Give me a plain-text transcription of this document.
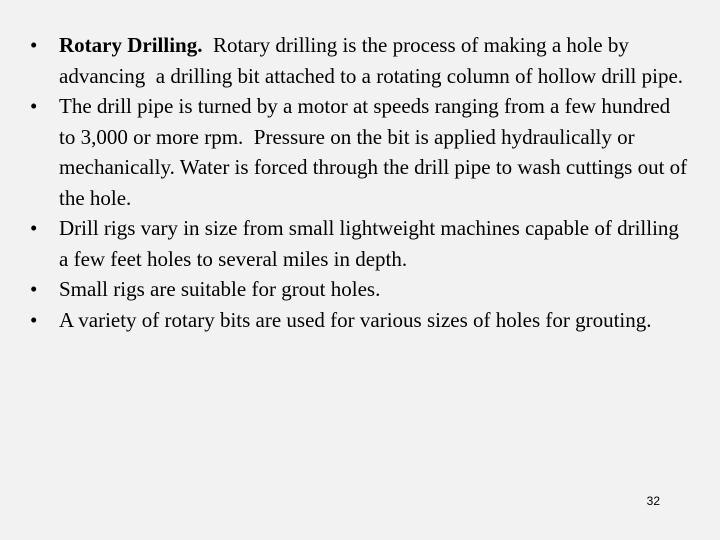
•	Rotary Drilling.  Rotary drilling is the process of making a hole by advancing  a drilling bit attached to a rotating column of hollow drill pipe.
•	The drill pipe is turned by a motor at speeds ranging from a few hundred to 3,000 or more rpm.  Pressure on the bit is applied hydraulically or mechanically. Water is forced through the drill pipe to wash cuttings out of the hole.
•	Drill rigs vary in size from small lightweight machines capable of drilling a few feet holes to several miles in depth.
•	Small rigs are suitable for grout holes.
•	A variety of rotary bits are used for various sizes of holes for grouting.
32
